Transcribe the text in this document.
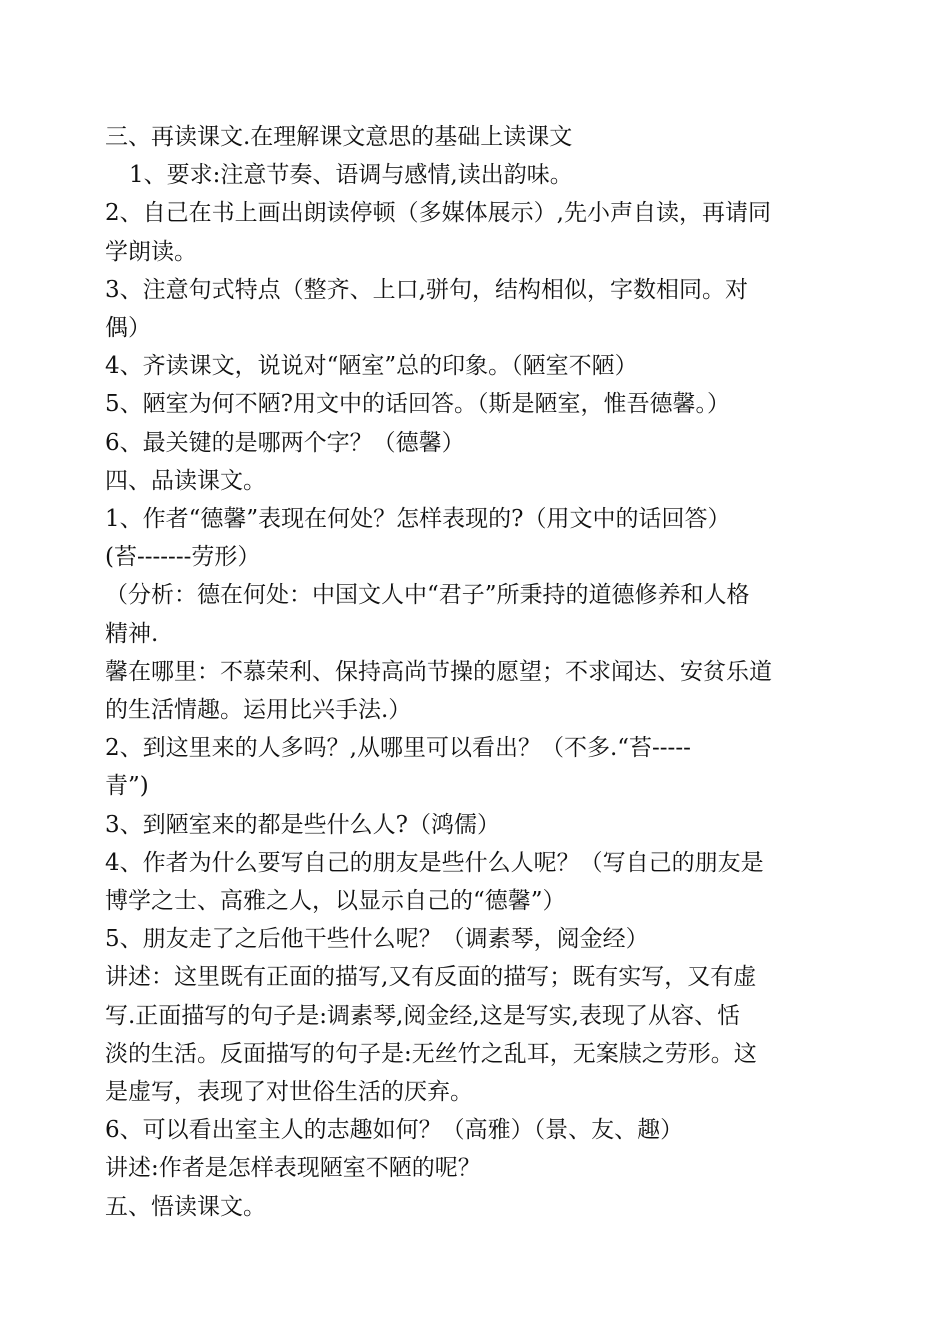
三、再读课文.在理解课文意思的基础上读课文
1、要求:注意节奏、语调与感情,读出韵味。
2、自己在书上画出朗读停顿（多媒体展示）,先小声自读，再请同
学朗读。
3、注意句式特点（整齐、上口,骈句，结构相似，字数相同。对
偶）
4、齐读课文，说说对“陋室”总的印象。（陋室不陋）
5、陋室为何不陋?用文中的话回答。（斯是陋室，惟吾德馨。）
6、最关键的是哪两个字？（德馨）
四、品读课文。
1、作者“德馨”表现在何处？怎样表现的?（用文中的话回答）
(苔-------劳形）
（分析：德在何处：中国文人中“君子”所秉持的道德修养和人格
精神.
馨在哪里：不慕荣利、保持高尚节操的愿望；不求闻达、安贫乐道
的生活情趣。运用比兴手法.）
2、到这里来的人多吗？,从哪里可以看出？（不多.“苔-----
青”)
3、到陋室来的都是些什么人?（鸿儒）
4、作者为什么要写自己的朋友是些什么人呢？（写自己的朋友是
博学之士、高雅之人，以显示自己的“德馨”）
5、朋友走了之后他干些什么呢？（调素琴，阅金经）
讲述：这里既有正面的描写,又有反面的描写；既有实写，又有虚
写.正面描写的句子是:调素琴,阅金经,这是写实,表现了从容、恬
淡的生活。反面描写的句子是:无丝竹之乱耳，无案牍之劳形。这
是虚写，表现了对世俗生活的厌弃。
6、可以看出室主人的志趣如何？（高雅）（景、友、趣）
讲述:作者是怎样表现陋室不陋的呢？
五、悟读课文。
